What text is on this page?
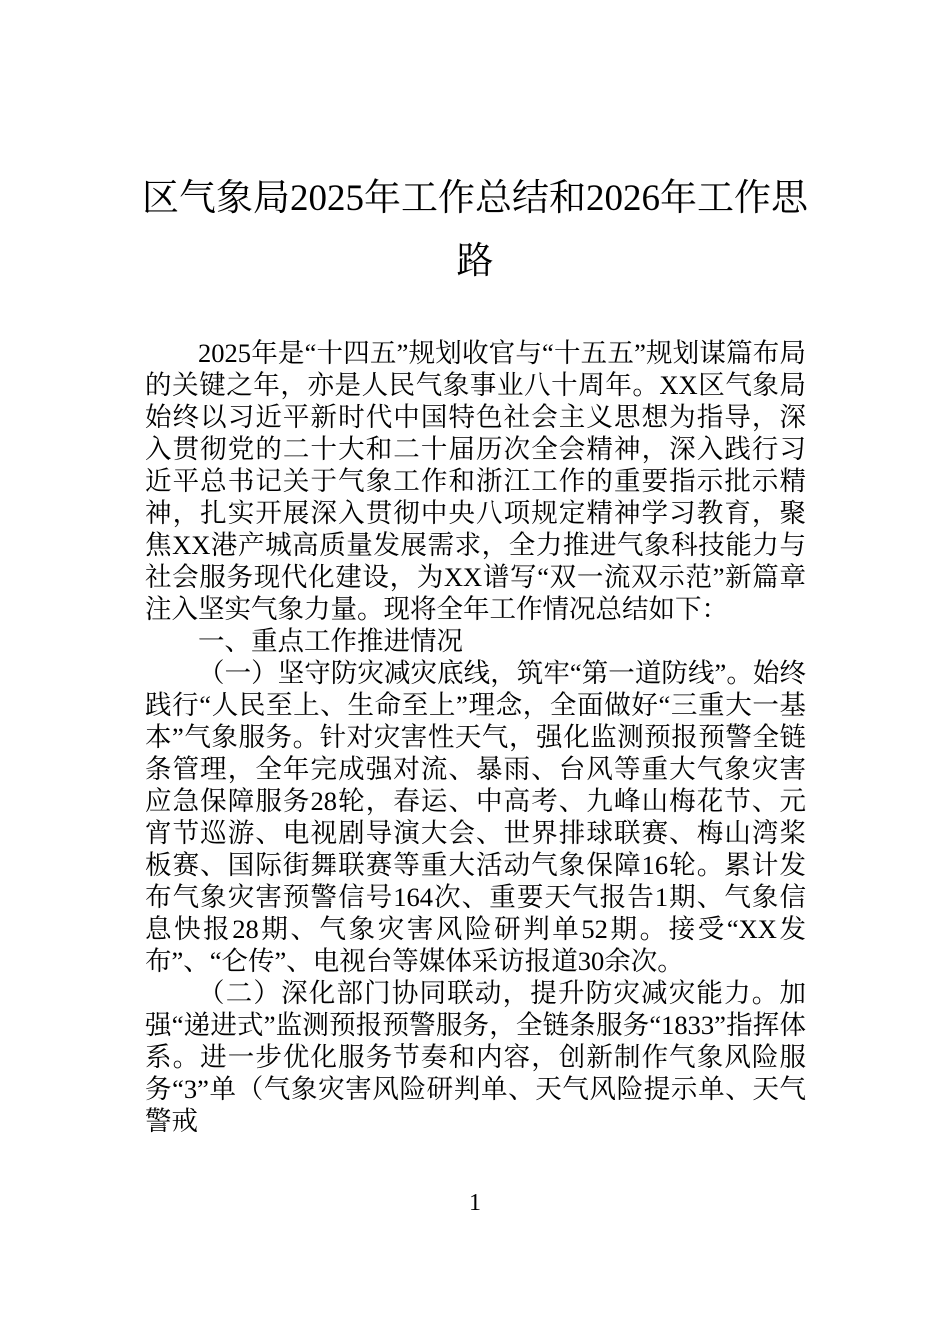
区气象局2025年工作总结和2026年工作思
路

2025年是“十四五”规划收官与“十五五”规划谋篇布局的关键之年，亦是人民气象事业八十周年。XX区气象局始终以习近平新时代中国特色社会主义思想为指导，深入贯彻党的二十大和二十届历次全会精神，深入践行习近平总书记关于气象工作和浙江工作的重要指示批示精神，扎实开展深入贯彻中央八项规定精神学习教育，聚焦XX港产城高质量发展需求，全力推进气象科技能力与社会服务现代化建设，为XX谱写“双一流双示范”新篇章注入坚实气象力量。现将全年工作情况总结如下：

一、重点工作推进情况

（一）坚守防灾减灾底线，筑牢“第一道防线”。始终践行“人民至上、生命至上”理念，全面做好“三重大一基本”气象服务。针对灾害性天气，强化监测预报预警全链条管理，全年完成强对流、暴雨、台风等重大气象灾害应急保障服务28轮，春运、中高考、九峰山梅花节、元宵节巡游、电视剧导演大会、世界排球联赛、梅山湾桨板赛、国际街舞联赛等重大活动气象保障16轮。累计发布气象灾害预警信号164次、重要天气报告1期、气象信息快报28期、气象灾害风险研判单52期。接受“XX发布”、“仑传”、电视台等媒体采访报道30余次。

（二）深化部门协同联动，提升防灾减灾能力。加强“递进式”监测预报预警服务，全链条服务“1833”指挥体系。进一步优化服务节奏和内容，创新制作气象风险服务“3”单（气象灾害风险研判单、天气风险提示单、天气警戒

1
